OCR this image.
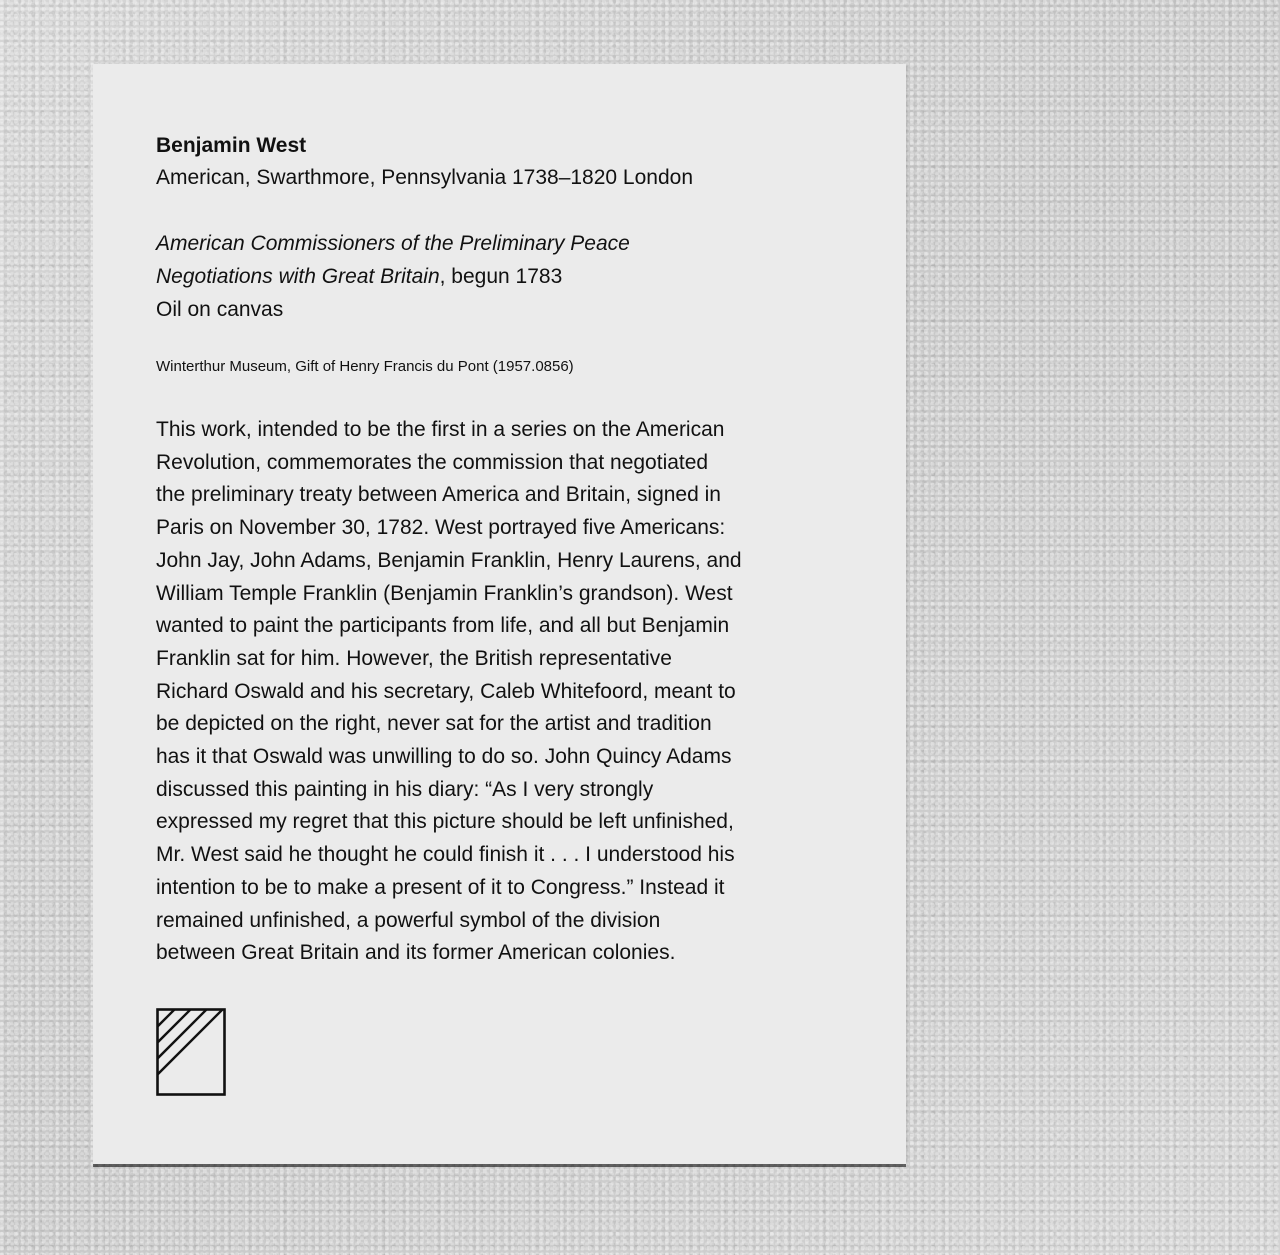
Benjamin West

American, Swarthmore, Pennsylvania 1738–1820 London

American Commissioners of the Preliminary Peace
Negotiations with Great Britain, begun 1783
Oil on canvas
Winterthur Museum, Gift of Henry Francis du Pont (1957.0856)
This work, intended to be the first in a series on the American
Revolution, commemorates the commission that negotiated
the preliminary treaty between America and Britain, signed in
Paris on November 30, 1782. West portrayed five Americans:
John Jay, John Adams, Benjamin Franklin, Henry Laurens, and
William Temple Franklin (Benjamin Franklin’s grandson). West
wanted to paint the participants from life, and all but Benjamin
Franklin sat for him. However, the British representative
Richard Oswald and his secretary, Caleb Whitefoord, meant to
be depicted on the right, never sat for the artist and tradition
has it that Oswald was unwilling to do so. John Quincy Adams
discussed this painting in his diary: “As I very strongly
expressed my regret that this picture should be left unfinished,
Mr. West said he thought he could finish it . . . I understood his
intention to be to make a present of it to Congress.” Instead it
remained unfinished, a powerful symbol of the division
between Great Britain and its former American colonies.
